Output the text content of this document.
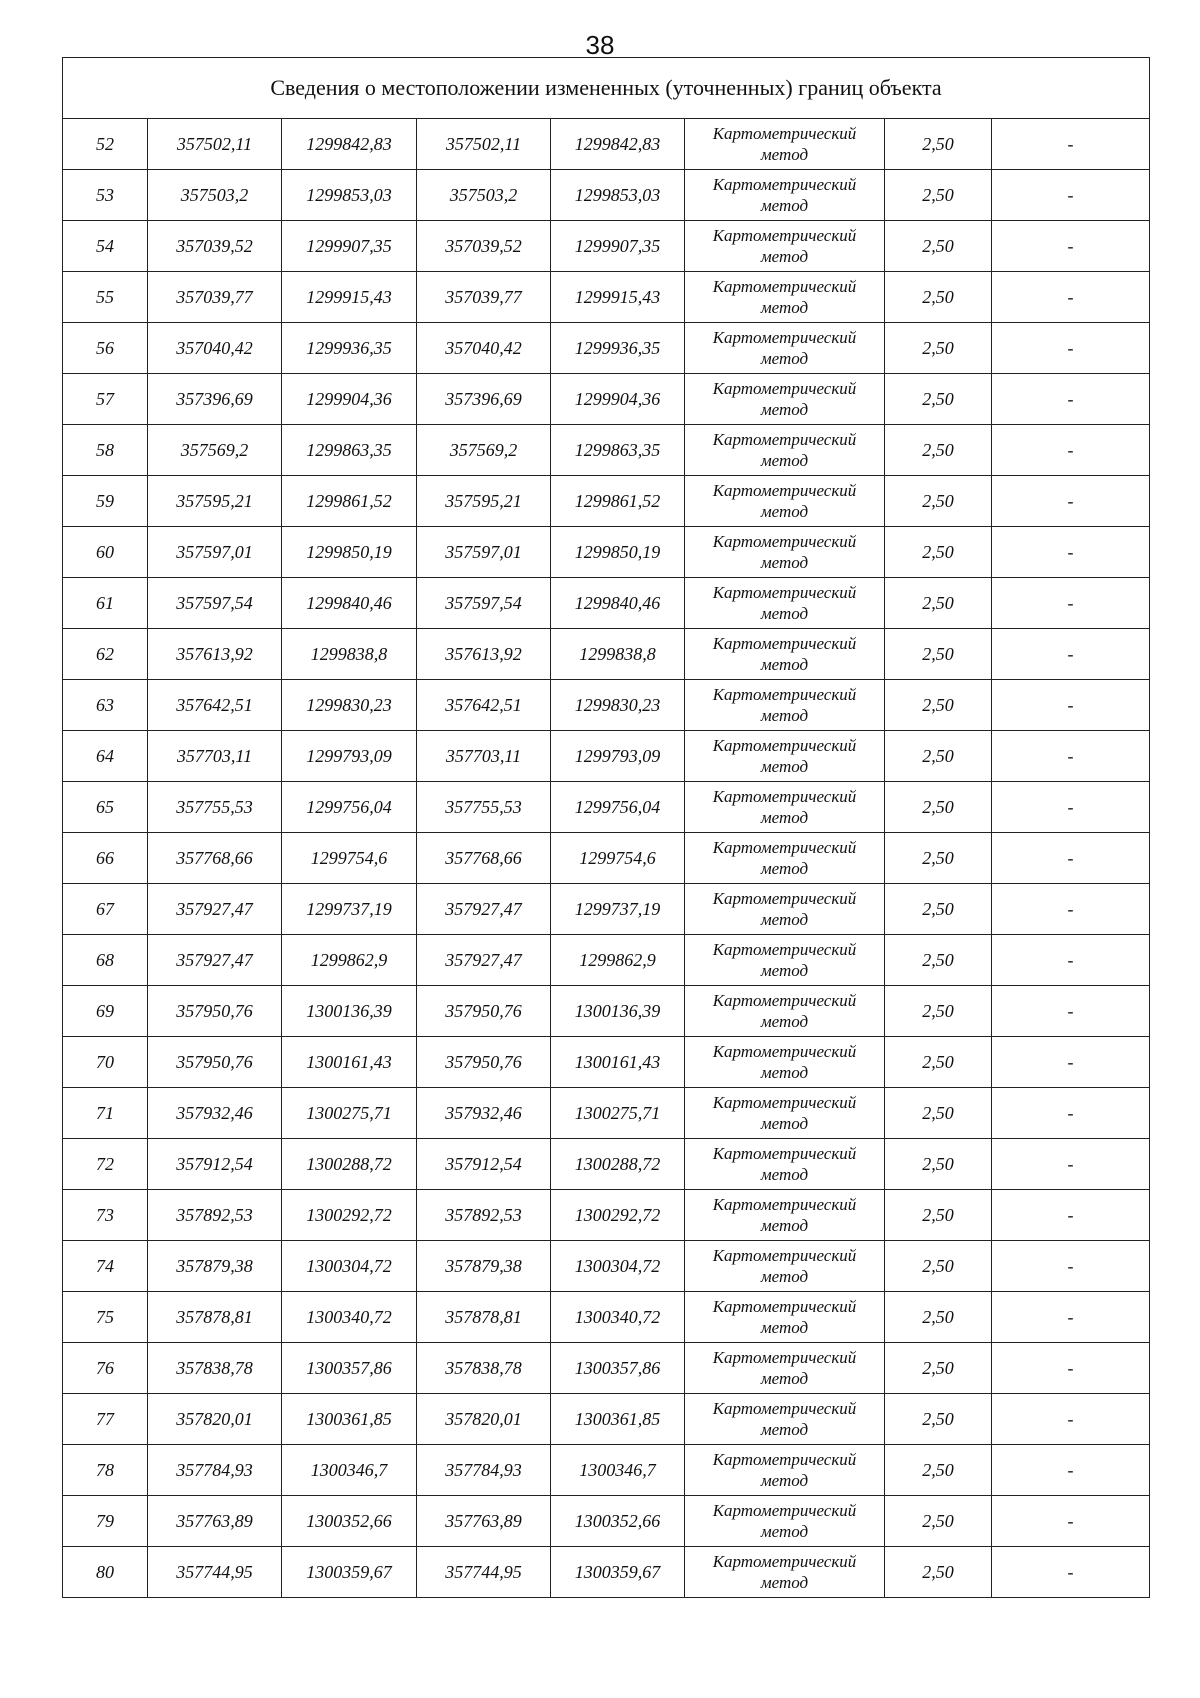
38
Сведения о местоположении измененных (уточненных) границ объекта							
52	357502,11	1299842,83	357502,11	1299842,83	Картометрический
метод	2,50	-
53	357503,2	1299853,03	357503,2	1299853,03	Картометрический
метод	2,50	-
54	357039,52	1299907,35	357039,52	1299907,35	Картометрический
метод	2,50	-
55	357039,77	1299915,43	357039,77	1299915,43	Картометрический
метод	2,50	-
56	357040,42	1299936,35	357040,42	1299936,35	Картометрический
метод	2,50	-
57	357396,69	1299904,36	357396,69	1299904,36	Картометрический
метод	2,50	-
58	357569,2	1299863,35	357569,2	1299863,35	Картометрический
метод	2,50	-
59	357595,21	1299861,52	357595,21	1299861,52	Картометрический
метод	2,50	-
60	357597,01	1299850,19	357597,01	1299850,19	Картометрический
метод	2,50	-
61	357597,54	1299840,46	357597,54	1299840,46	Картометрический
метод	2,50	-
62	357613,92	1299838,8	357613,92	1299838,8	Картометрический
метод	2,50	-
63	357642,51	1299830,23	357642,51	1299830,23	Картометрический
метод	2,50	-
64	357703,11	1299793,09	357703,11	1299793,09	Картометрический
метод	2,50	-
65	357755,53	1299756,04	357755,53	1299756,04	Картометрический
метод	2,50	-
66	357768,66	1299754,6	357768,66	1299754,6	Картометрический
метод	2,50	-
67	357927,47	1299737,19	357927,47	1299737,19	Картометрический
метод	2,50	-
68	357927,47	1299862,9	357927,47	1299862,9	Картометрический
метод	2,50	-
69	357950,76	1300136,39	357950,76	1300136,39	Картометрический
метод	2,50	-
70	357950,76	1300161,43	357950,76	1300161,43	Картометрический
метод	2,50	-
71	357932,46	1300275,71	357932,46	1300275,71	Картометрический
метод	2,50	-
72	357912,54	1300288,72	357912,54	1300288,72	Картометрический
метод	2,50	-
73	357892,53	1300292,72	357892,53	1300292,72	Картометрический
метод	2,50	-
74	357879,38	1300304,72	357879,38	1300304,72	Картометрический
метод	2,50	-
75	357878,81	1300340,72	357878,81	1300340,72	Картометрический
метод	2,50	-
76	357838,78	1300357,86	357838,78	1300357,86	Картометрический
метод	2,50	-
77	357820,01	1300361,85	357820,01	1300361,85	Картометрический
метод	2,50	-
78	357784,93	1300346,7	357784,93	1300346,7	Картометрический
метод	2,50	-
79	357763,89	1300352,66	357763,89	1300352,66	Картометрический
метод	2,50	-
80	357744,95	1300359,67	357744,95	1300359,67	Картометрический
метод	2,50	-
